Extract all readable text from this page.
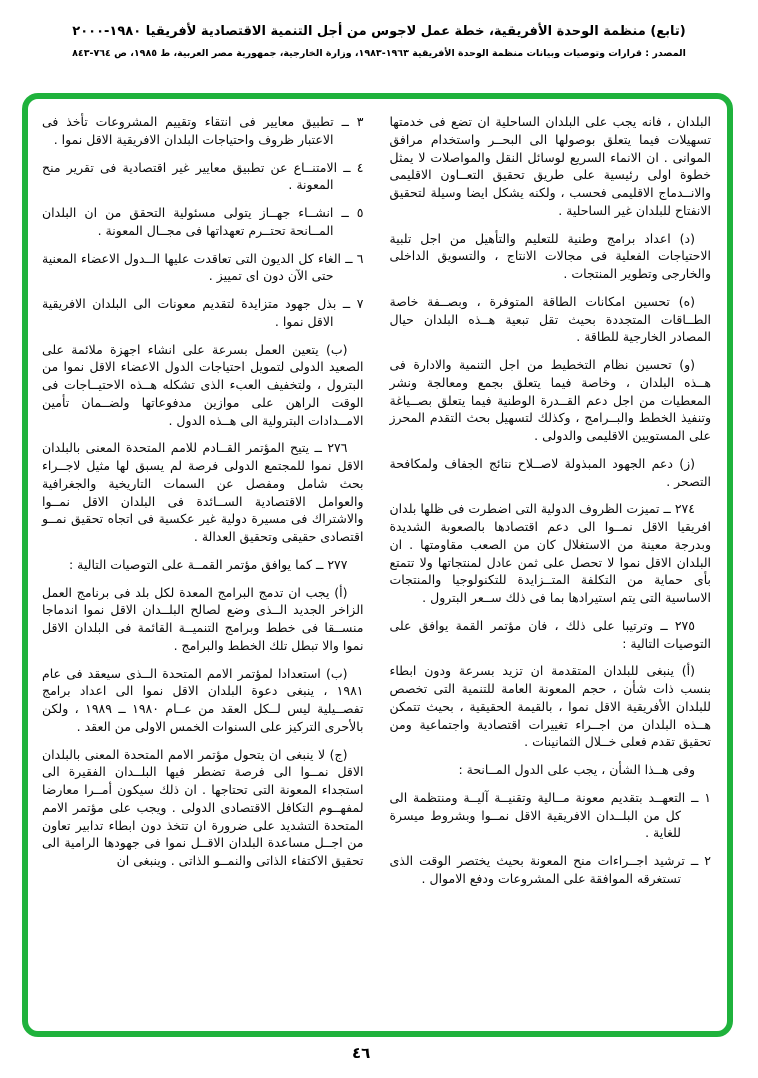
(تابع) منظمة الوحدة الأفريقية، خطة عمل لاجوس من أجل التنمية الاقتصادية لأفريقيا ١٩٨٠-٢٠٠٠
المصدر : قرارات وتوصيات وبيانات منظمة الوحدة الأفريقية ١٩٦٣-١٩٨٣، وزارة الخارجية، جمهورية مصر العربية، ط ١٩٨٥، ص ٧٦٤-٨٤٣

البلدان ، فانه يجب على البلدان الساحلية ان تضع فى خدمتها تسهيلات فيما يتعلق بوصولها الى البحــر واستخدام مرافق الموانى . ان الانماء السريع لوسائل النقل والمواصلات لا يمثل خطوة اولى رئيسية على طريق تحقيق التعــاون الاقليمى والانــدماج الاقليمى فحسب ، ولكنه يشكل ايضا وسيلة لتحقيق الانفتاح للبلدان غير الساحلية .

(د) اعداد برامج وطنية للتعليم والتأهيل من اجل تلبية الاحتياجات الفعلية فى مجالات الانتاج ، والتسويق الداخلى والخارجى وتطوير المنتجات .

(ه) تحسين امكانات الطاقة المتوفرة ، وبصــفة خاصة الطــاقات المتجددة بحيث تقل تبعية هــذه البلدان حيال المصادر الخارجية للطاقة .

(و) تحسين نظام التخطيط من اجل التنمية والادارة فى هــذه البلدان ، وخاصة فيما يتعلق بجمع ومعالجة ونشر المعطيات من اجل دعم القــدرة الوطنية فيما يتعلق بصــياغة وتنفيذ الخطط والبــرامج ، وكذلك لتسهيل بحث التقدم المحرز على المستويين الاقليمى والدولى .

(ز) دعم الجهود المبذولة لاصــلاح نتائج الجفاف ولمكافحة التصحر .

٢٧٤ ــ تميزت الظروف الدولية التى اضطرت فى ظلها بلدان افريقيا الاقل نمــوا الى دعم اقتصادها بالصعوبة الشديدة وبدرجة معينة من الاستغلال كان من الصعب مقاومتها . ان البلدان الاقل نموا لا تحصل على ثمن عادل لمنتجاتها ولا تتمتع بأى حماية من التكلفة المتــزايدة للتكنولوجيا والمنتجات الاساسية التى يتم استيرادها بما فى ذلك ســعر البترول .

٢٧٥ ــ وترتيبا على ذلك ، فان مؤتمر القمة يوافق على التوصيات التالية :

(أ) ينبغى للبلدان المتقدمة ان تزيد بسرعة ودون ابطاء بنسب ذات شأن ، حجم المعونة العامة للتنمية التى تخصص للبلدان الأفريقية الاقل نموا ، بالقيمة الحقيقية ، بحيث تتمكن هــذه البلدان من اجــراء تغييرات اقتصادية واجتماعية ومن تحقيق تقدم فعلى خــلال الثمانينات .

وفى هــذا الشأن ، يجب على الدول المــانحة :

١ ــ التعهــد بتقديم معونة مــالية وتقنيــة آليــة ومنتظمة الى كل من البلــدان الافريقية الاقل نمــوا وبشروط ميسرة للغاية .

٢ ــ ترشيد اجــراءات منح المعونة بحيث يختصر الوقت الذى تستغرقه الموافقة على المشروعات ودفع الاموال .

٣ ــ تطبيق معايير فى انتقاء وتقييم المشروعات تأخذ فى الاعتبار ظروف واحتياجات البلدان الافريقية الاقل نموا .

٤ ــ الامتنــاع عن تطبيق معايير غير اقتصادية فى تقرير منح المعونة .

٥ ــ انشــاء جهــاز يتولى مسئولية التحقق من ان البلدان المــانحة تحتــرم تعهداتها فى مجــال المعونة .

٦ ــ الغاء كل الديون التى تعاقدت عليها الــدول الاعضاء المعنية حتى الآن دون اى تمييز .

٧ ــ بذل جهود متزايدة لتقديم معونات الى البلدان الافريقية الاقل نموا .

(ب) يتعين العمل بسرعة على انشاء اجهزة ملائمة على الصعيد الدولى لتمويل احتياجات الدول الاعضاء الاقل نموا من البترول ، ولتخفيف العبء الذى تشكله هــذه الاحتيــاجات فى الوقت الراهن على موازين مدفوعاتها ولضــمان تأمين الامــدادات البترولية الى هــذه الدول .

٢٧٦ ــ يتيح المؤتمر القــادم للامم المتحدة المعنى بالبلدان الاقل نموا للمجتمع الدولى فرصة لم يسبق لها مثيل لاجــراء بحث شامل ومفصل عن السمات التاريخية والجغرافية والعوامل الاقتصادية الســائدة فى البلدان الاقل نمــوا والاشتراك فى مسيرة دولية غير عكسية فى اتجاه تحقيق نمــو اقتصادى حقيقى وتحقيق العدالة .

٢٧٧ ــ كما يوافق مؤتمر القمــة على التوصيات التالية :

(أ) يجب ان تدمج البرامج المعدة لكل بلد فى برنامج العمل الزاخر الجديد الــذى وضع لصالح البلــدان الاقل نموا اندماجا منســقا فى خطط وبرامج التنميــة القائمة فى البلدان الاقل نموا والا تبطل تلك الخطط والبرامج .

(ب) استعدادا لمؤتمر الامم المتحدة الــذى سيعقد فى عام ١٩٨١ ، ينبغى دعوة البلدان الاقل نموا الى اعداد برامج تفصــيلية ليس لــكل العقد من عــام ١٩٨٠ ــ ١٩٨٩ ، ولكن بالأحرى التركيز على السنوات الخمس الاولى من العقد .

(ج) لا ينبغى ان يتحول مؤتمر الامم المتحدة المعنى بالبلدان الاقل نمــوا الى فرصة تضطر فيها البلــدان الفقيرة الى استجداء المعونة التى تحتاجها . ان ذلك سيكون أمــرا معارضا لمفهــوم التكافل الاقتصادى الدولى . ويجب على مؤتمر الامم المتحدة التشديد على ضرورة ان تتخذ دون ابطاء تدابير تعاون من اجــل مساعدة البلدان الاقــل نموا فى جهودها الرامية الى تحقيق الاكتفاء الذاتى والنمــو الذاتى . وينبغى ان

٤٦
